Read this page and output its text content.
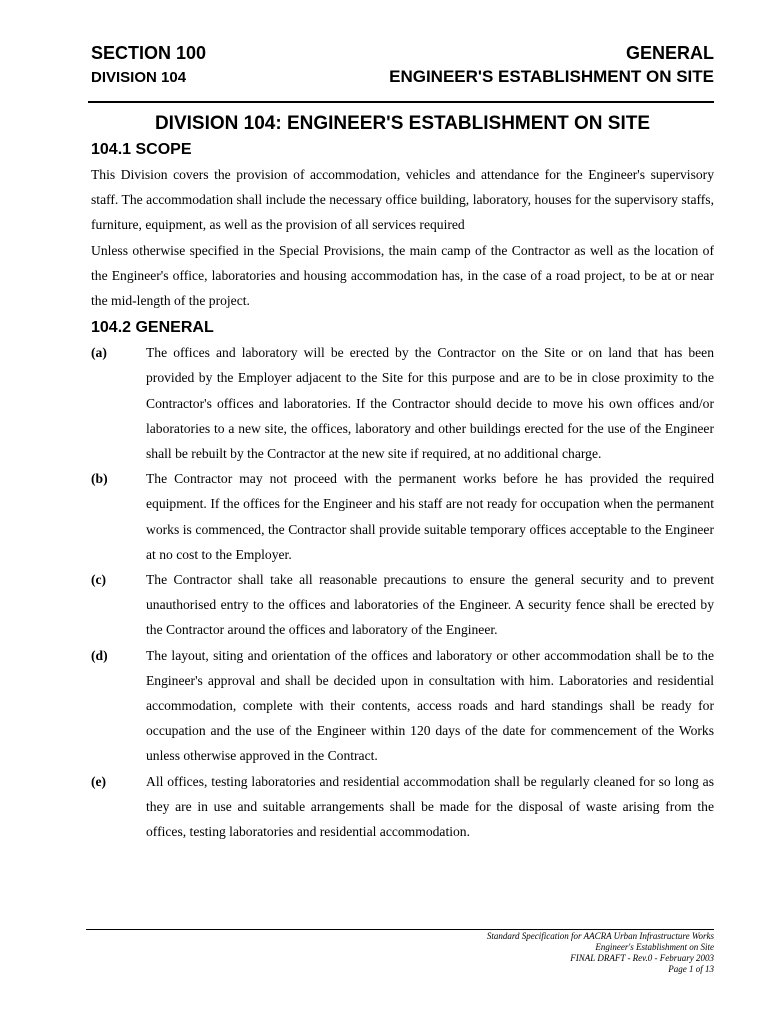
SECTION 100	GENERAL
DIVISION 104	ENGINEER'S ESTABLISHMENT ON SITE
DIVISION 104: ENGINEER'S ESTABLISHMENT ON SITE
104.1 SCOPE

This Division covers the provision of accommodation, vehicles and attendance for the Engineer's supervisory staff. The accommodation shall include the necessary office building, laboratory, houses for the supervisory staffs, furniture, equipment, as well as the provision of all services required

Unless otherwise specified in the Special Provisions, the main camp of the Contractor as well as the location of the Engineer's office, laboratories and housing accommodation has, in the case of a road project, to be at or near the mid-length of the project.

104.2 GENERAL
(a)	The offices and laboratory will be erected by the Contractor on the Site or on land that has been provided by the Employer adjacent to the Site for this purpose and are to be in close proximity to the Contractor's offices and laboratories. If the Contractor should decide to move his own offices and/or laboratories to a new site, the offices, laboratory and other buildings erected for the use of the Engineer shall be rebuilt by the Contractor at the new site if required, at no additional charge.
(b)	The Contractor may not proceed with the permanent works before he has provided the required equipment. If the offices for the Engineer and his staff are not ready for occupation when the permanent works is commenced, the Contractor shall provide suitable temporary offices acceptable to the Engineer at no cost to the Employer.
(c)	The Contractor shall take all reasonable precautions to ensure the general security and to prevent unauthorised entry to the offices and laboratories of the Engineer. A security fence shall be erected by the Contractor around the offices and laboratory of the Engineer.
(d)	The layout, siting and orientation of the offices and laboratory or other accommodation shall be to the Engineer's approval and shall be decided upon in consultation with him. Laboratories and residential accommodation, complete with their contents, access roads and hard standings shall be ready for occupation and the use of the Engineer within 120 days of the date for commencement of the Works unless otherwise approved in the Contract.
(e)	All offices, testing laboratories and residential accommodation shall be regularly cleaned for so long as they are in use and suitable arrangements shall be made for the disposal of waste arising from the offices, testing laboratories and residential accommodation.
Standard Specification for AACRA Urban Infrastructure Works
Engineer's Establishment on Site
FINAL DRAFT - Rev.0 - February 2003
Page 1 of 13
